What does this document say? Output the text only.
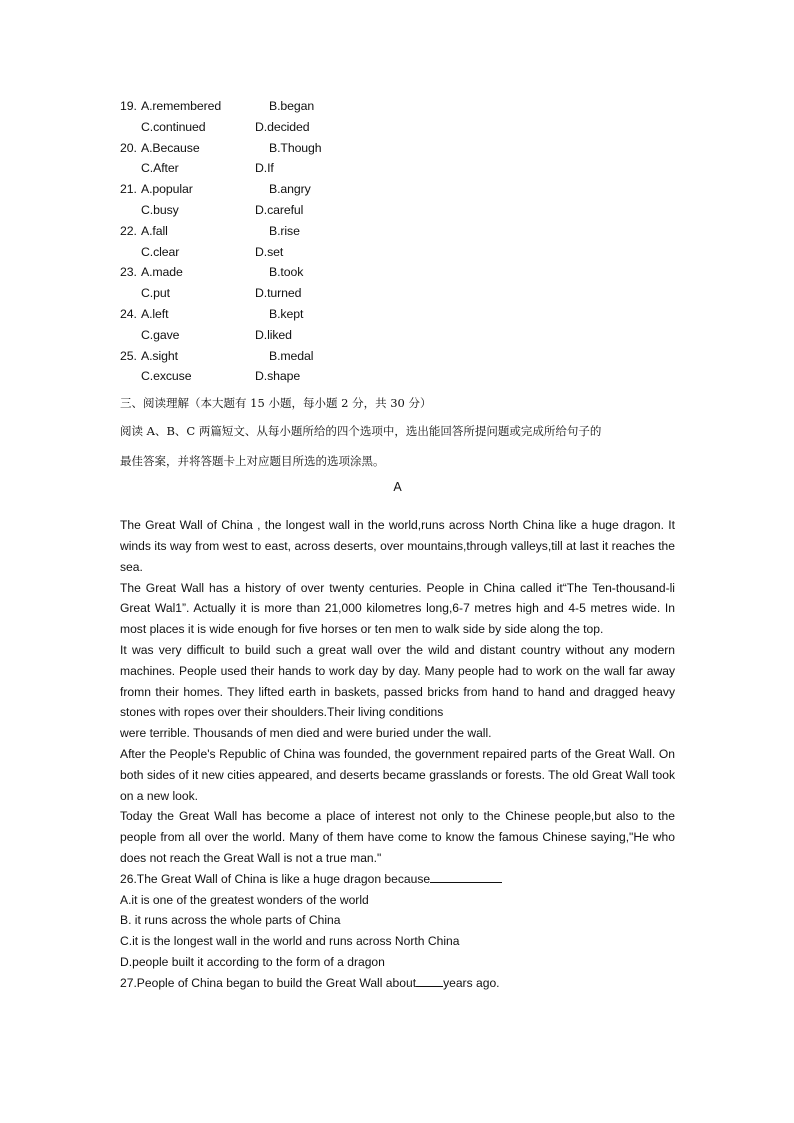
19. A.remembered	B.began
C.continued	D.decided
20. A.Because	B.Though
C.After	D.If
21. A.popular	B.angry
C.busy	D.careful
22. A.fall	B.rise
C.clear	D.set
23. A.made	B.took
C.put	D.turned
24. A.left	B.kept
C.gave	D.liked
25. A.sight	B.medal
C.excuse	D.shape
三、阅读理解（本大题有 15 小题，每小题 2 分，共 30 分）
阅读 A、B、C 两篇短文、从每小题所给的四个选项中，选出能回答所提问题或完成所给句子的
最佳答案，并将答题卡上对应题目所选的选项涂黑。
A
The Great Wall of China , the longest wall in the world,runs across North China like a huge dragon. It winds its way from west to east, across deserts, over mountains,through valleys,till at last it reaches the sea.
The Great Wall has a history of over twenty centuries. People in China called it“The Ten-thousand-li Great Wal1”. Actually it is more than 21,000 kilometres long,6-7 metres high and 4-5 metres wide. In most places it is wide enough for five horses or ten men to walk side by side along the top.
It was very difficult to build such a great wall over the wild and distant country without any modern machines. People used their hands to work day by day. Many people had to work on the wall far away fromn their homes. They lifted earth in baskets, passed bricks from hand to hand and dragged heavy stones with ropes over their shoulders.Their living conditions
were terrible. Thousands of men died and were buried under the wall.
After the People's Republic of China was founded, the government repaired parts of the Great Wall. On both sides of it new cities appeared, and deserts became grasslands or forests. The old Great Wall took on a new look.
Today the Great Wall has become a place of interest not only to the Chinese people,but also to the people from all over the world. Many of them have come to know the famous Chinese saying,"He who does not reach the Great Wall is not a true man."
26.The Great Wall of China is like a huge dragon because
A.it is one of the greatest wonders of the world
B. it runs across the whole parts of China
C.it is the longest wall in the world and runs across North China
D.people built it according to the form of a dragon
27.People of China began to build the Great Wall about years ago.
